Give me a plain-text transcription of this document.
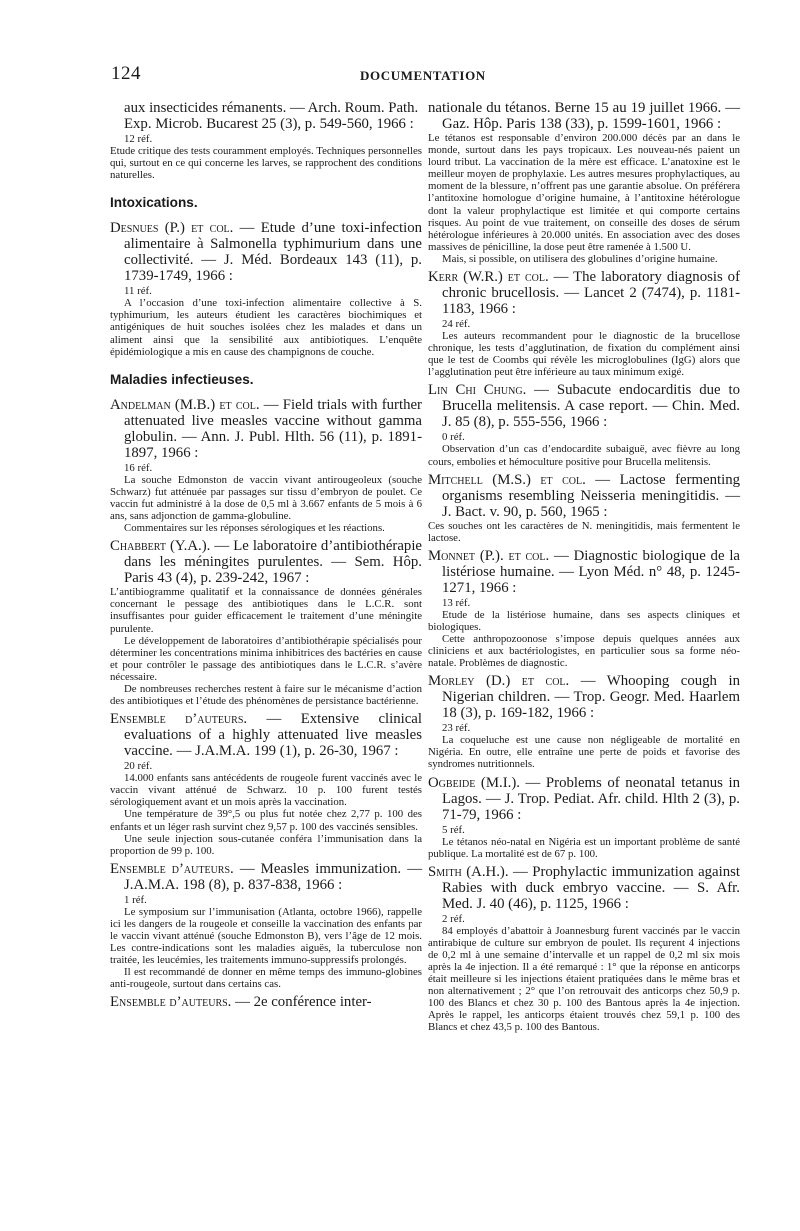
124	DOCUMENTATION
aux insecticides rémanents. — Arch. Roum. Path. Exp. Microb. Bucarest 25 (3), p. 549-560, 1966 :
12 réf.

Etude critique des tests couramment employés. Techniques personnelles qui, surtout en ce qui concerne les larves, se rapprochent des conditions naturelles.

Intoxications.
Desnues (P.) et col. — Etude d’une toxi-infection alimentaire à Salmonella typhimurium dans une collectivité. — J. Méd. Bordeaux 143 (11), p. 1739-1749, 1966 :
11 réf.

A l’occasion d’une toxi-infection alimentaire collective à S. typhimurium, les auteurs étudient les caractères biochimiques et antigéniques de huit souches isolées chez les malades et dans un aliment ainsi que la sensibilité aux antibiotiques. L’enquête épidémiologique a mis en cause des champignons de couche.

Maladies infectieuses.
Andelman (M.B.) et col. — Field trials with further attenuated live measles vaccine without gamma globulin. — Ann. J. Publ. Hlth. 56 (11), p. 1891-1897, 1966 :
16 réf.

La souche Edmonston de vaccin vivant antirougeoleux (souche Schwarz) fut atténuée par passages sur tissu d’embryon de poulet. Ce vaccin fut administré à la dose de 0,5 ml à 3.667 enfants de 5 mois à 6 ans, sans adjonction de gamma-globuline.

Commentaires sur les réponses sérologiques et les réactions.

Chabbert (Y.A.). — Le laboratoire d’antibiothérapie dans les méningites purulentes. — Sem. Hôp. Paris 43 (4), p. 239-242, 1967 :

L’antibiogramme qualitatif et la connaissance de données générales concernant le pessage des antibiotiques dans le L.C.R. sont insuffisantes pour guider efficacement le traitement d’une méningite purulente.

Le développement de laboratoires d’antibiothérapie spécialisés pour déterminer les concentrations minima inhibitrices des bactéries en cause et pour contrôler le passage des antibiotiques dans le L.C.R. s’avère nécessaire.

De nombreuses recherches restent à faire sur le mécanisme d’action des antibiotiques et l’étude des phénomènes de persistance bactérienne.

Ensemble d’auteurs. — Extensive clinical evaluations of a highly attenuated live measles vaccine. — J.A.M.A. 199 (1), p. 26-30, 1967 :
20 réf.

14.000 enfants sans antécédents de rougeole furent vaccinés avec le vaccin vivant atténué de Schwarz. 10 p. 100 furent testés sérologiquement avant et un mois après la vaccination.

Une température de 39°,5 ou plus fut notée chez 2,77 p. 100 des enfants et un léger rash survint chez 9,57 p. 100 des vaccinés sensibles.

Une seule injection sous-cutanée conféra l’immunisation dans la proportion de 99 p. 100.

Ensemble d’auteurs. — Measles immunization. — J.A.M.A. 198 (8), p. 837-838, 1966 :
1 réf.

Le symposium sur l’immunisation (Atlanta, octobre 1966), rappelle ici les dangers de la rougeole et conseille la vaccination des enfants par le vaccin vivant atténué (souche Edmonston B), vers l’âge de 12 mois. Les contre-indications sont les maladies aiguës, la tuberculose non traitée, les leucémies, les traitements immuno-suppressifs prolongés.

Il est recommandé de donner en même temps des immuno-globines anti-rougeole, surtout dans certains cas.

Ensemble d’auteurs. — 2e conférence inter-
nationale du tétanos. Berne 15 au 19 juillet 1966. — Gaz. Hôp. Paris 138 (33), p. 1599-1601, 1966 :

Le tétanos est responsable d’environ 200.000 décès par an dans le monde, surtout dans les pays tropicaux. Les nouveau-nés paient un lourd tribut. La vaccination de la mère est efficace. L’anatoxine est le meilleur moyen de prophylaxie. Les autres mesures prophylactiques, au moment de la blessure, n’offrent pas une garantie absolue. On préférera l’antitoxine homologue d’origine humaine, à l’antitoxine hétérologue dont la valeur prophylactique est limitée et qui comporte certains risques. Au point de vue traitement, on conseille des doses de sérum hétérologue inférieures à 20.000 unités. En association avec des doses massives de pénicilline, la dose peut être ramenée à 1.500 U.

Mais, si possible, on utilisera des globulines d’origine humaine.

Kerr (W.R.) et col. — The laboratory diagnosis of chronic brucellosis. — Lancet 2 (7474), p. 1181-1183, 1966 :
24 réf.

Les auteurs recommandent pour le diagnostic de la brucellose chronique, les tests d’agglutination, de fixation du complément ainsi que le test de Coombs qui révèle les microglobulines (IgG) alors que l’agglutination peut être inférieure au taux minimum exigé.

Lin Chi Chung. — Subacute endocarditis due to Brucella melitensis. A case report. — Chin. Med. J. 85 (8), p. 555-556, 1966 :
0 réf.

Observation d’un cas d’endocardite subaiguë, avec fièvre au long cours, embolies et hémoculture positive pour Brucella melitensis.

Mitchell (M.S.) et col. — Lactose fermenting organisms resembling Neisseria meningitidis. — J. Bact. v. 90, p. 560, 1965 :

Ces souches ont les caractères de N. meningitidis, mais fermentent le lactose.

Monnet (P.). et col. — Diagnostic biologique de la listériose humaine. — Lyon Méd. n° 48, p. 1245-1271, 1966 :
13 réf.

Etude de la listériose humaine, dans ses aspects cliniques et biologiques.

Cette anthropozoonose s’impose depuis quelques années aux cliniciens et aux bactériologistes, en particulier sous sa forme néo-natale. Problèmes de diagnostic.

Morley (D.) et col. — Whooping cough in Nigerian children. — Trop. Geogr. Med. Haarlem 18 (3), p. 169-182, 1966 :
23 réf.

La coqueluche est une cause non négligeable de mortalité en Nigéria. En outre, elle entraîne une perte de poids et favorise des syndromes nutritionnels.

Ogbeide (M.I.). — Problems of neonatal tetanus in Lagos. — J. Trop. Pediat. Afr. child. Hlth 2 (3), p. 71-79, 1966 :
5 réf.

Le tétanos néo-natal en Nigéria est un important problème de santé publique. La mortalité est de 67 p. 100.

Smith (A.H.). — Prophylactic immunization against Rabies with duck embryo vaccine. — S. Afr. Med. J. 40 (46), p. 1125, 1966 :
2 réf.

84 employés d’abattoir à Joannesburg furent vaccinés par le vaccin antirabique de culture sur embryon de poulet. Ils reçurent 4 injections de 0,2 ml à une semaine d’intervalle et un rappel de 0,2 ml six mois après la 4e injection. Il a été remarqué : 1° que la réponse en anticorps était meilleure si les injections étaient pratiquées dans le même bras et non alternativement ; 2° que l’on retrouvait des anticorps chez 50,9 p. 100 des Blancs et chez 30 p. 100 des Bantous après la 4e injection. Après le rappel, les anticorps étaient trouvés chez 59,1 p. 100 des Blancs et chez 43,5 p. 100 des Bantous.
